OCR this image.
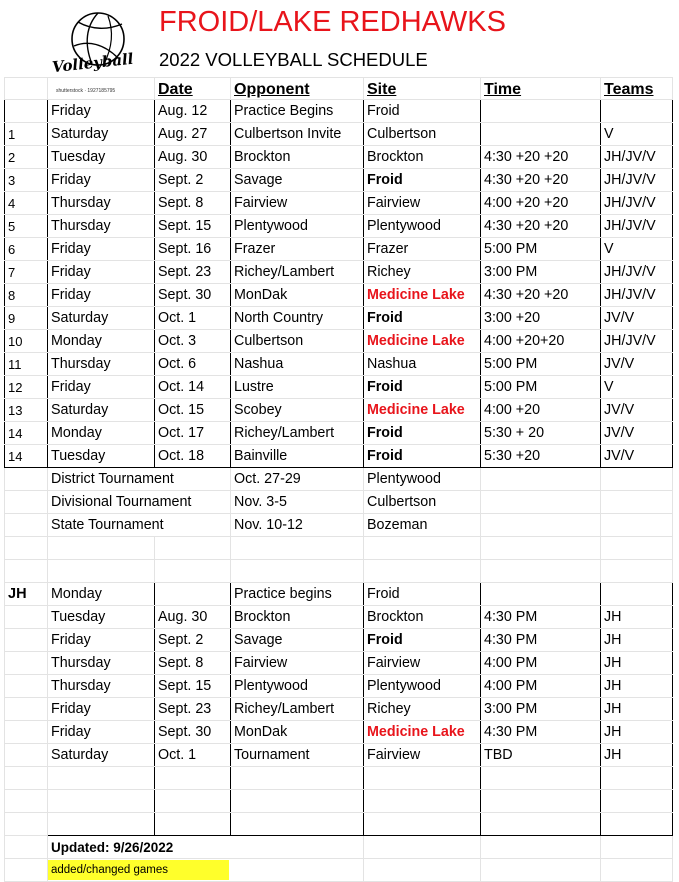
FROID/LAKE REDHAWKS
2022 VOLLEYBALL SCHEDULE
Volleyball
shutterstock · 1927185795
			Date	Opponent	Site	Time	Teams
	Friday	Aug. 12	Practice Begins	Froid		
1	Saturday	Aug. 27	Culbertson Invite	Culbertson		V
2	Tuesday	Aug. 30	Brockton	Brockton	4:30 +20 +20	JH/JV/V
3	Friday	Sept. 2	Savage	Froid	4:30 +20 +20	JH/JV/V
4	Thursday	Sept. 8	Fairview	Fairview	4:00 +20 +20	JH/JV/V
5	Thursday	Sept. 15	Plentywood	Plentywood	4:30 +20 +20	JH/JV/V
6	Friday	Sept. 16	Frazer	Frazer	5:00 PM	V
7	Friday	Sept. 23	Richey/Lambert	Richey	3:00 PM	JH/JV/V
8	Friday	Sept. 30	MonDak	Medicine Lake	4:30 +20 +20	JH/JV/V
9	Saturday	Oct. 1	North Country	Froid	3:00 +20	JV/V
10	Monday	Oct. 3	Culbertson	Medicine Lake	4:00 +20+20	JH/JV/V
11	Thursday	Oct. 6	Nashua	Nashua	5:00 PM	JV/V
12	Friday	Oct. 14	Lustre	Froid	5:00 PM	V
13	Saturday	Oct. 15	Scobey	Medicine Lake	4:00 +20	JV/V
14	Monday	Oct. 17	Richey/Lambert	Froid	5:30 + 20	JV/V
14	Tuesday	Oct. 18	Bainville	Froid	5:30 +20	JV/V
	District Tournament		Oct. 27-29	Plentywood		
	Divisional Tournament		Nov. 3-5	Culbertson		
	State Tournament		Nov. 10-12	Bozeman		

JH	Monday		Practice begins	Froid		
	Tuesday	Aug. 30	Brockton	Brockton	4:30 PM	JH
	Friday	Sept. 2	Savage	Froid	4:30 PM	JH
	Thursday	Sept. 8	Fairview	Fairview	4:00 PM	JH
	Thursday	Sept. 15	Plentywood	Plentywood	4:00 PM	JH
	Friday	Sept. 23	Richey/Lambert	Richey	3:00 PM	JH
	Friday	Sept. 30	MonDak	Medicine Lake	4:30 PM	JH
	Saturday	Oct. 1	Tournament	Fairview	TBD	JH

	Updated: 9/26/2022					
	added/changed games					
